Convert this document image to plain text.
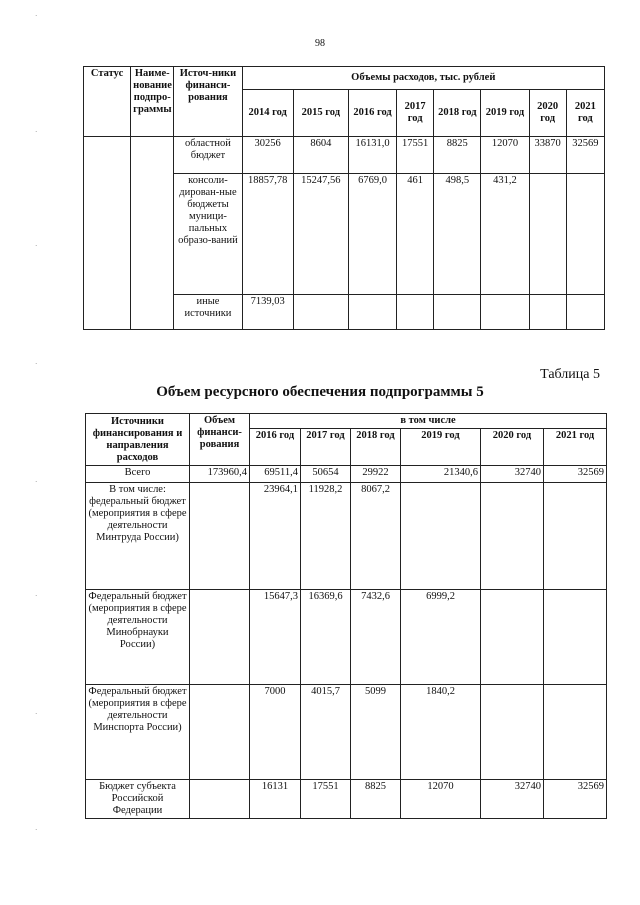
98
Статус	Наиме-нование подпро-граммы	Источ-ники финанси-рования	Объемы расходов, тыс. рублей							
			2014 год	2015 год	2016 год	2017 год	2018 год	2019 год	2020 год	2021 год
		областной бюджет	30256	8604	16131,0	17551	8825	12070	33870	32569
		консоли-дирован-ные бюджеты муници-пальных образо-ваний	18857,78	15247,56	6769,0	461	498,5	431,2		
		иные источники	7139,03							
Таблица 5
Объем ресурсного обеспечения подпрограммы 5
Источники финансирования и направления расходов	Объем финанси-рования	в том числе					
		2016 год	2017 год	2018 год	2019 год	2020 год	2021 год
Всего	173960,4	69511,4	50654	29922	21340,6	32740	32569
В том числе: федеральный бюджет (мероприятия в сфере деятельности Минтруда России)		23964,1	11928,2	8067,2			
Федеральный бюджет (мероприятия в сфере деятельности Минобрнауки России)		15647,3	16369,6	7432,6	6999,2		
Федеральный бюджет (мероприятия в сфере деятельности Минспорта России)		7000	4015,7	5099	1840,2		
Бюджет субъекта Российской Федерации		16131	17551	8825	12070	32740	32569
·
·
·
·
·
·
·
·
